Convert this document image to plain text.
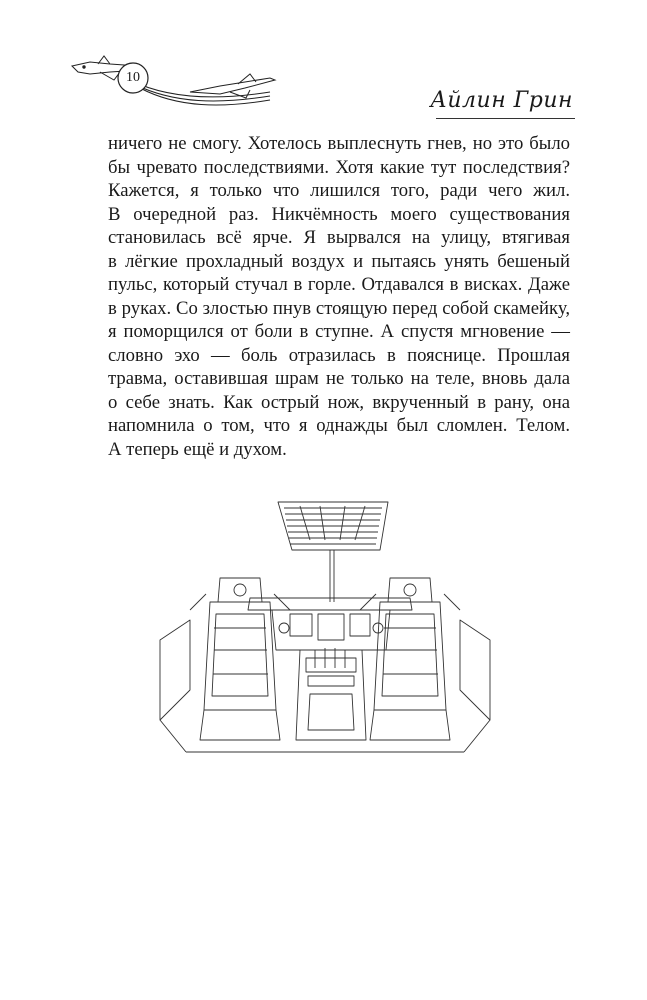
10
Айлин Грин
ничего не смогу. Хотелось выплеснуть гнев, но это было
бы чревато последствиями. Хотя какие тут последствия?
Кажется, я только что лишился того, ради чего жил.
В очередной раз. Никчёмность моего существования
становилась всё ярче. Я вырвался на улицу, втягивая
в лёгкие прохладный воздух и пытаясь унять бешеный
пульс, который стучал в горле. Отдавался в висках. Даже
в руках. Со злостью пнув стоящую перед собой скамейку,
я поморщился от боли в ступне. А спустя мгновение —
словно эхо — боль отразилась в пояснице. Прошлая
травма, оставившая шрам не только на теле, вновь дала
о себе знать. Как острый нож, вкрученный в рану, она
напомнила о том, что я однажды был сломлен. Телом.
А теперь ещё и духом.
